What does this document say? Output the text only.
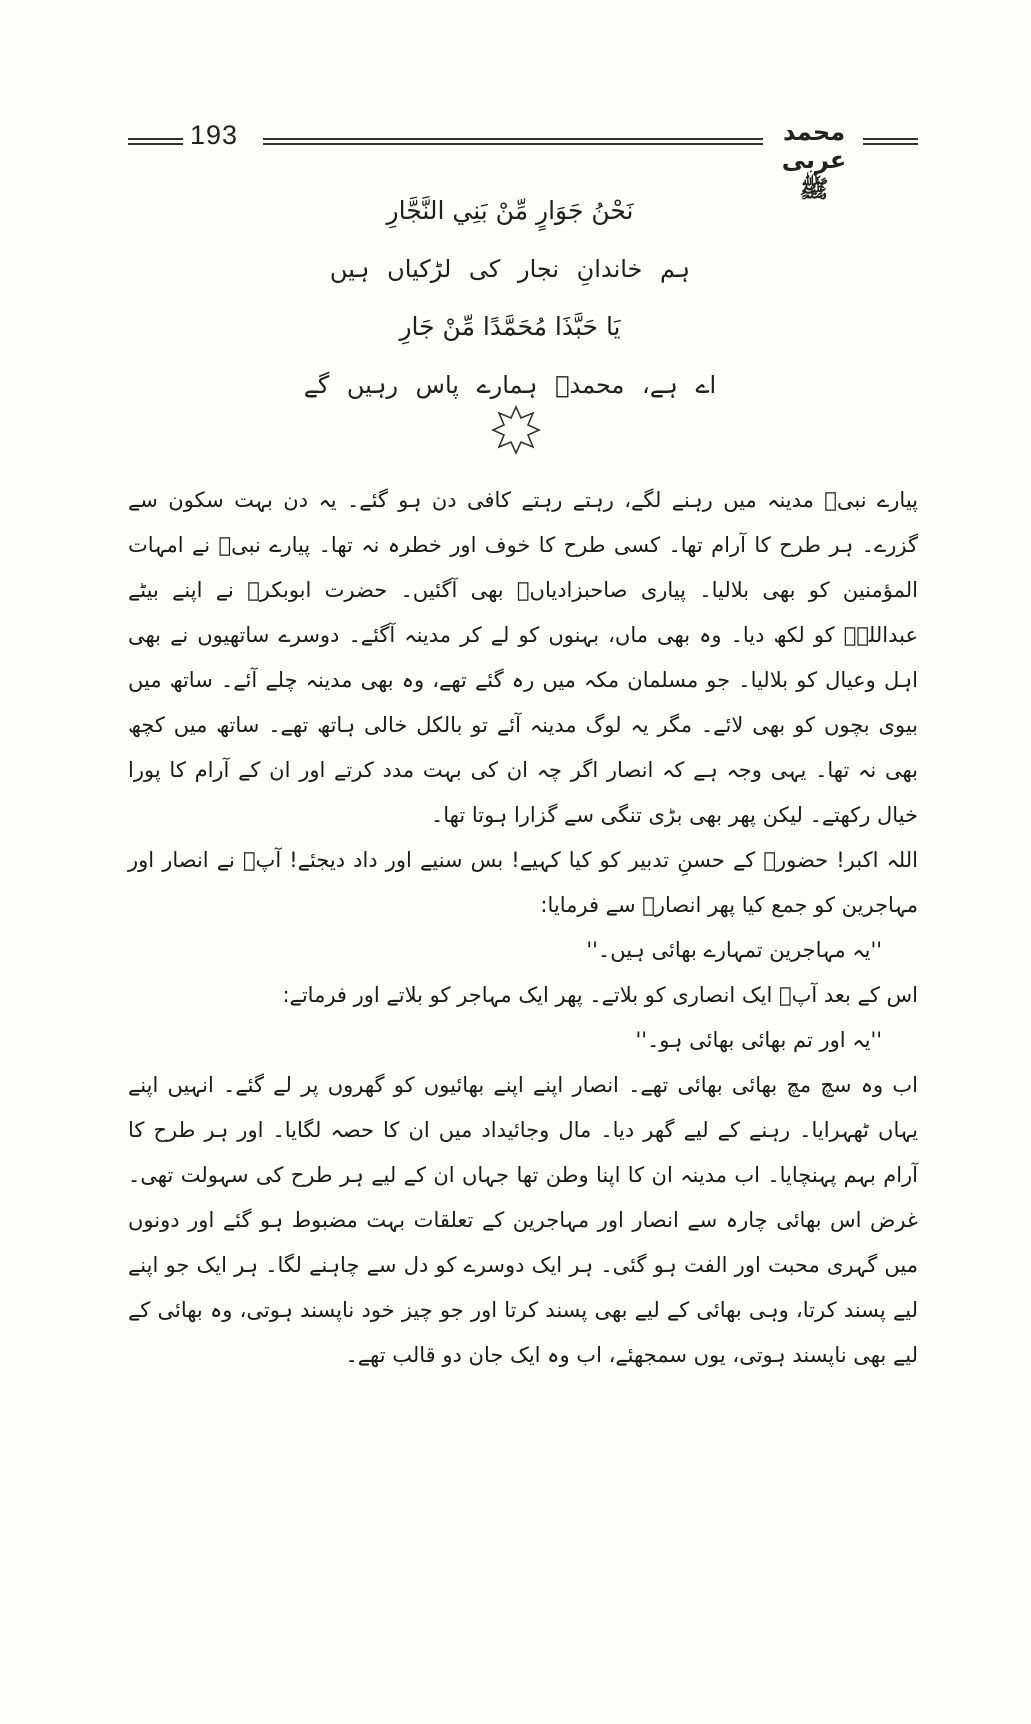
193	محمد عربی ﷺ
نَحْنُ جَوَارٍ مِّنْ بَنِي النَّجَّارِ
ہم خاندانِ نجار کی لڑکیاں ہیں
يَا حَبَّذَا مُحَمَّدًا مِّنْ جَارِ
اے ہے، محمدؐ ہمارے پاس رہیں گے

پیارے نبیؐ مدینہ میں رہنے لگے، رہتے رہتے کافی دن ہو گئے۔ یہ دن بہت سکون سے گزرے۔ ہر طرح کا آرام تھا۔ کسی طرح کا خوف اور خطرہ نہ تھا۔ پیارے نبیؐ نے امہات المؤمنین کو بھی بلالیا۔ پیاری صاحبزادیاںؓ بھی آگئیں۔ حضرت ابوبکرؓ نے اپنے بیٹے عبداللہؓ کو لکھ دیا۔ وہ بھی ماں، بہنوں کو لے کر مدینہ آگئے۔ دوسرے ساتھیوں نے بھی اہل وعیال کو بلالیا۔ جو مسلمان مکہ میں رہ گئے تھے، وہ بھی مدینہ چلے آئے۔ ساتھ میں بیوی بچوں کو بھی لائے۔ مگر یہ لوگ مدینہ آئے تو بالکل خالی ہاتھ تھے۔ ساتھ میں کچھ بھی نہ تھا۔ یہی وجہ ہے کہ انصار اگر چہ ان کی بہت مدد کرتے اور ان کے آرام کا پورا خیال رکھتے۔ لیکن پھر بھی بڑی تنگی سے گزارا ہوتا تھا۔

اللہ اکبر! حضورؐ کے حسنِ تدبیر کو کیا کہیے! بس سنیے اور داد دیجئے! آپؐ نے انصار اور مہاجرین کو جمع کیا پھر انصارؓ سے فرمایا:

''یہ مہاجرین تمہارے بھائی ہیں۔''

اس کے بعد آپؐ ایک انصاری کو بلاتے۔ پھر ایک مہاجر کو بلاتے اور فرماتے:

''یہ اور تم بھائی بھائی ہو۔''

اب وہ سچ مچ بھائی بھائی تھے۔ انصار اپنے اپنے بھائیوں کو گھروں پر لے گئے۔ انہیں اپنے یہاں ٹھہرایا۔ رہنے کے لیے گھر دیا۔ مال وجائیداد میں ان کا حصہ لگایا۔ اور ہر طرح کا آرام بہم پہنچایا۔ اب مدینہ ان کا اپنا وطن تھا جہاں ان کے لیے ہر طرح کی سہولت تھی۔ غرض اس بھائی چارہ سے انصار اور مہاجرین کے تعلقات بہت مضبوط ہو گئے اور دونوں میں گہری محبت اور الفت ہو گئی۔ ہر ایک دوسرے کو دل سے چاہنے لگا۔ ہر ایک جو اپنے لیے پسند کرتا، وہی بھائی کے لیے بھی پسند کرتا اور جو چیز خود ناپسند ہوتی، وہ بھائی کے لیے بھی ناپسند ہوتی، یوں سمجھئے، اب وہ ایک جان دو قالب تھے۔
